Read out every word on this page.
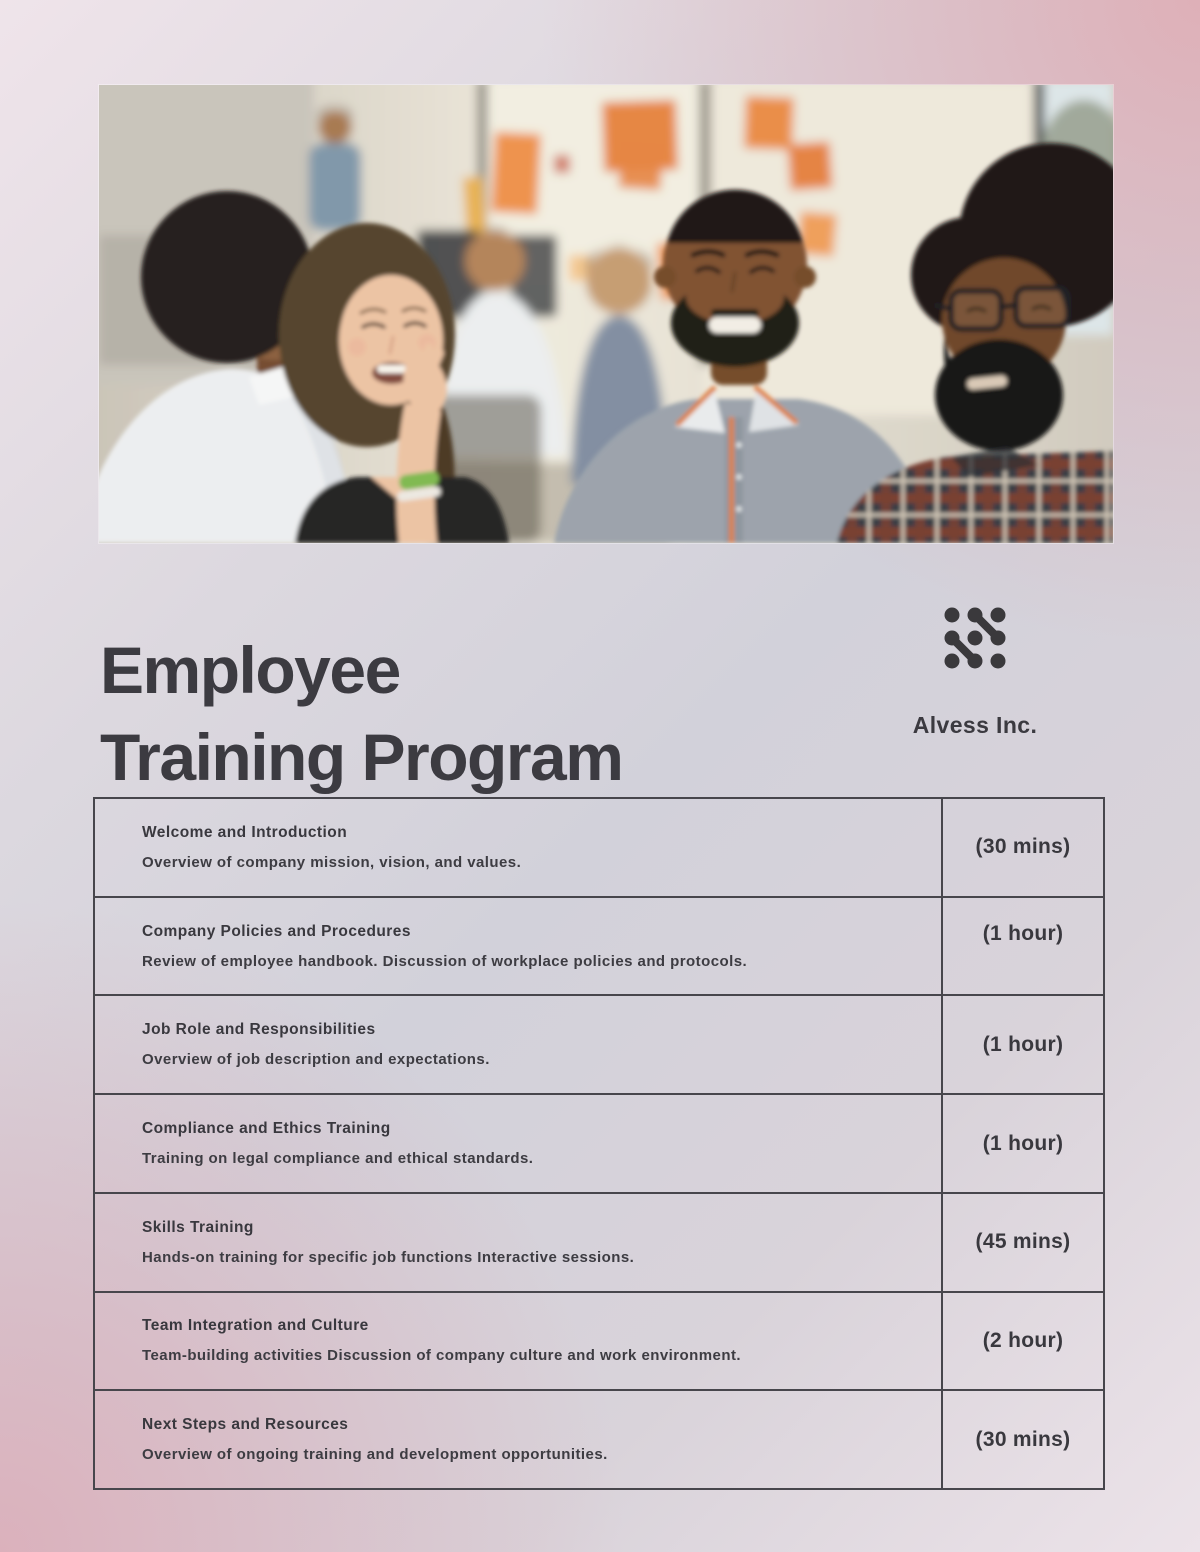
Employee
Training Program	Alvess Inc.
Welcome and Introduction
Overview of company mission, vision, and values.
(30 mins)
Company Policies and Procedures
Review of employee handbook. Discussion of workplace policies and protocols.
(1 hour)
Job Role and Responsibilities
Overview of job description and expectations.
(1 hour)
Compliance and Ethics Training
Training on legal compliance and ethical standards.
(1 hour)
Skills Training
Hands-on training for specific job functions Interactive sessions.
(45 mins)
Team Integration and Culture
Team-building activities Discussion of company culture and work environment.
(2 hour)
Next Steps and Resources
Overview of ongoing training and development opportunities.
(30 mins)
